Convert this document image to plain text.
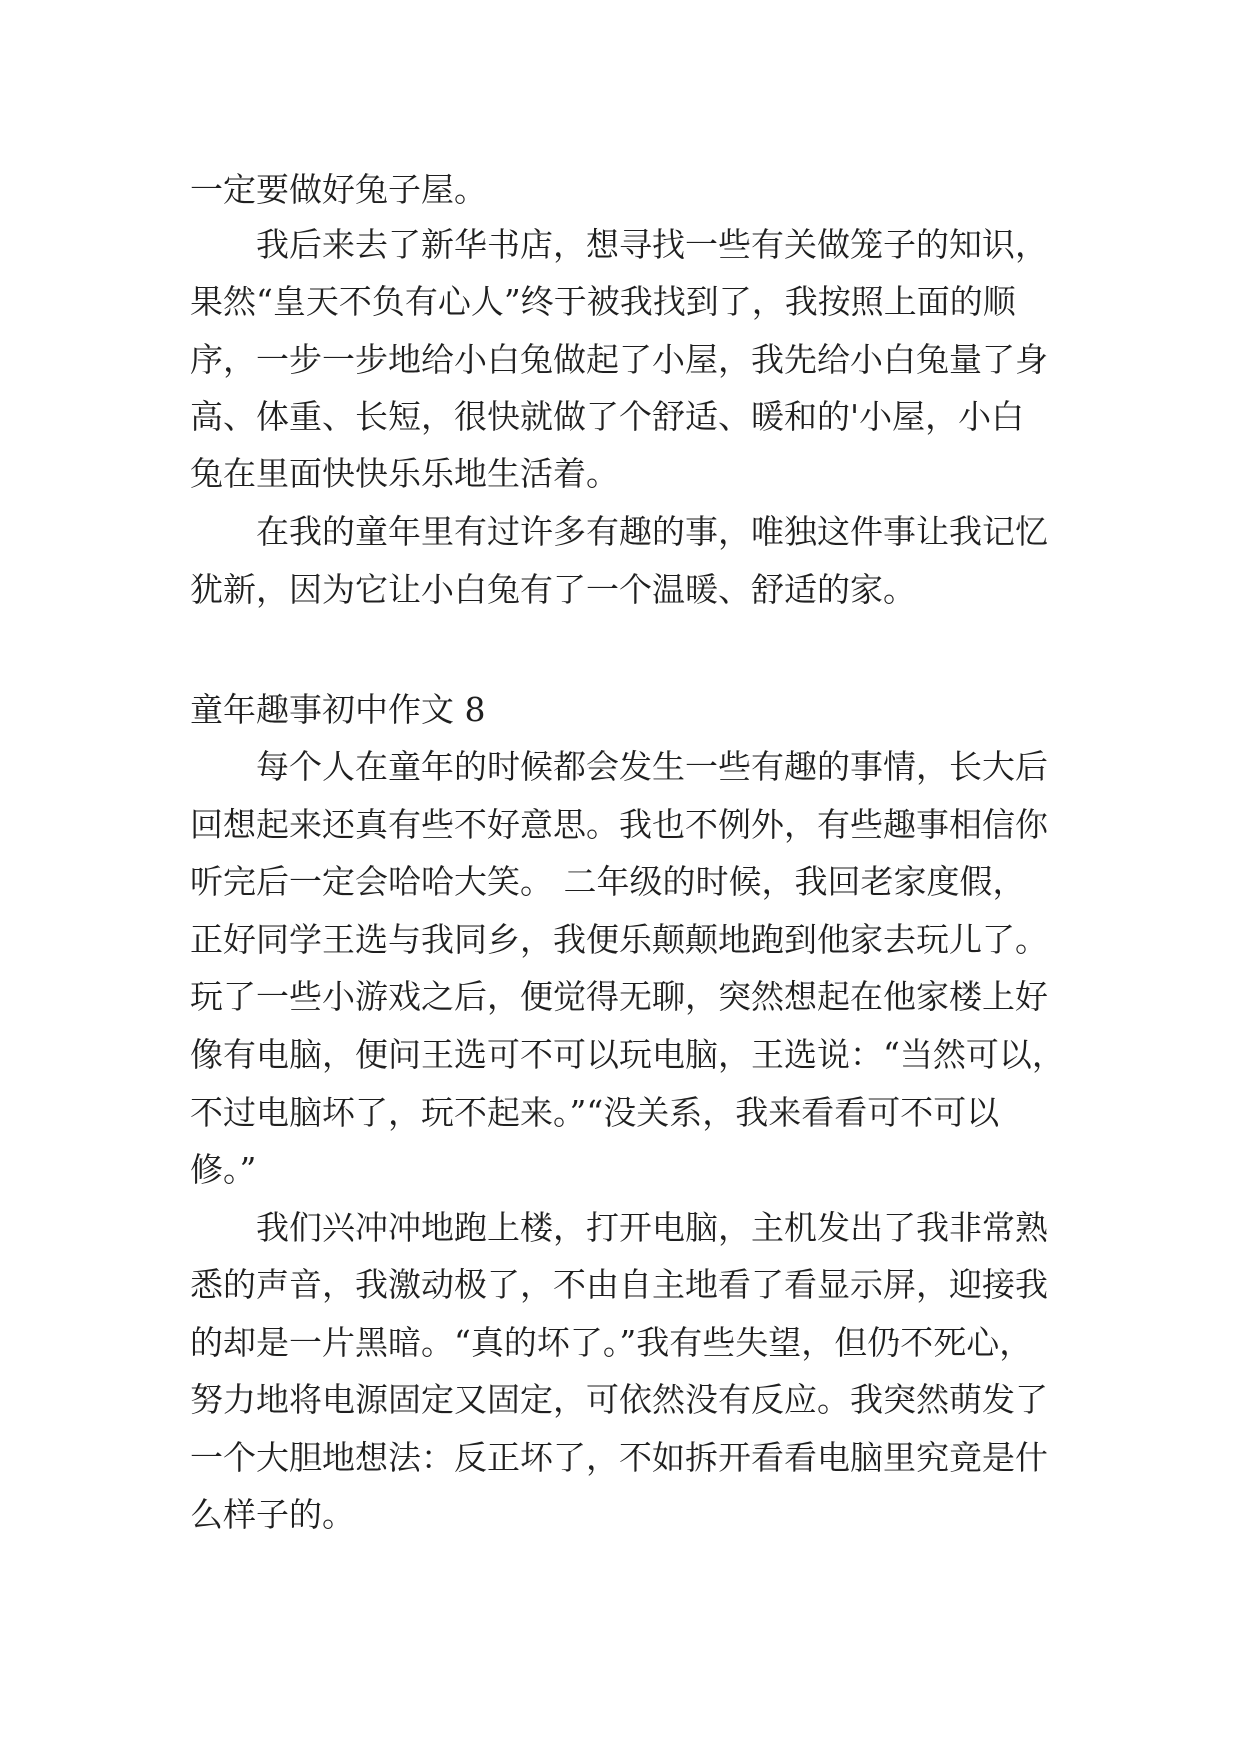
一定要做好兔子屋。
我后来去了新华书店，想寻找一些有关做笼子的知识，
果然“皇天不负有心人”终于被我找到了，我按照上面的顺
序，一步一步地给小白兔做起了小屋，我先给小白兔量了身
高、体重、长短，很快就做了个舒适、暖和的'小屋，小白
兔在里面快快乐乐地生活着。
在我的童年里有过许多有趣的事，唯独这件事让我记忆
犹新，因为它让小白兔有了一个温暖、舒适的家。
童年趣事初中作文 8
每个人在童年的时候都会发生一些有趣的事情，长大后
回想起来还真有些不好意思。我也不例外，有些趣事相信你
听完后一定会哈哈大笑。 二年级的时候，我回老家度假，
正好同学王选与我同乡，我便乐颠颠地跑到他家去玩儿了。
玩了一些小游戏之后，便觉得无聊，突然想起在他家楼上好
像有电脑，便问王选可不可以玩电脑，王选说：“当然可以，
不过电脑坏了，玩不起来。”“没关系，我来看看可不可以
修。”
我们兴冲冲地跑上楼，打开电脑，主机发出了我非常熟
悉的声音，我激动极了，不由自主地看了看显示屏，迎接我
的却是一片黑暗。“真的坏了。”我有些失望，但仍不死心，
努力地将电源固定又固定，可依然没有反应。我突然萌发了
一个大胆地想法：反正坏了，不如拆开看看电脑里究竟是什
么样子的。
